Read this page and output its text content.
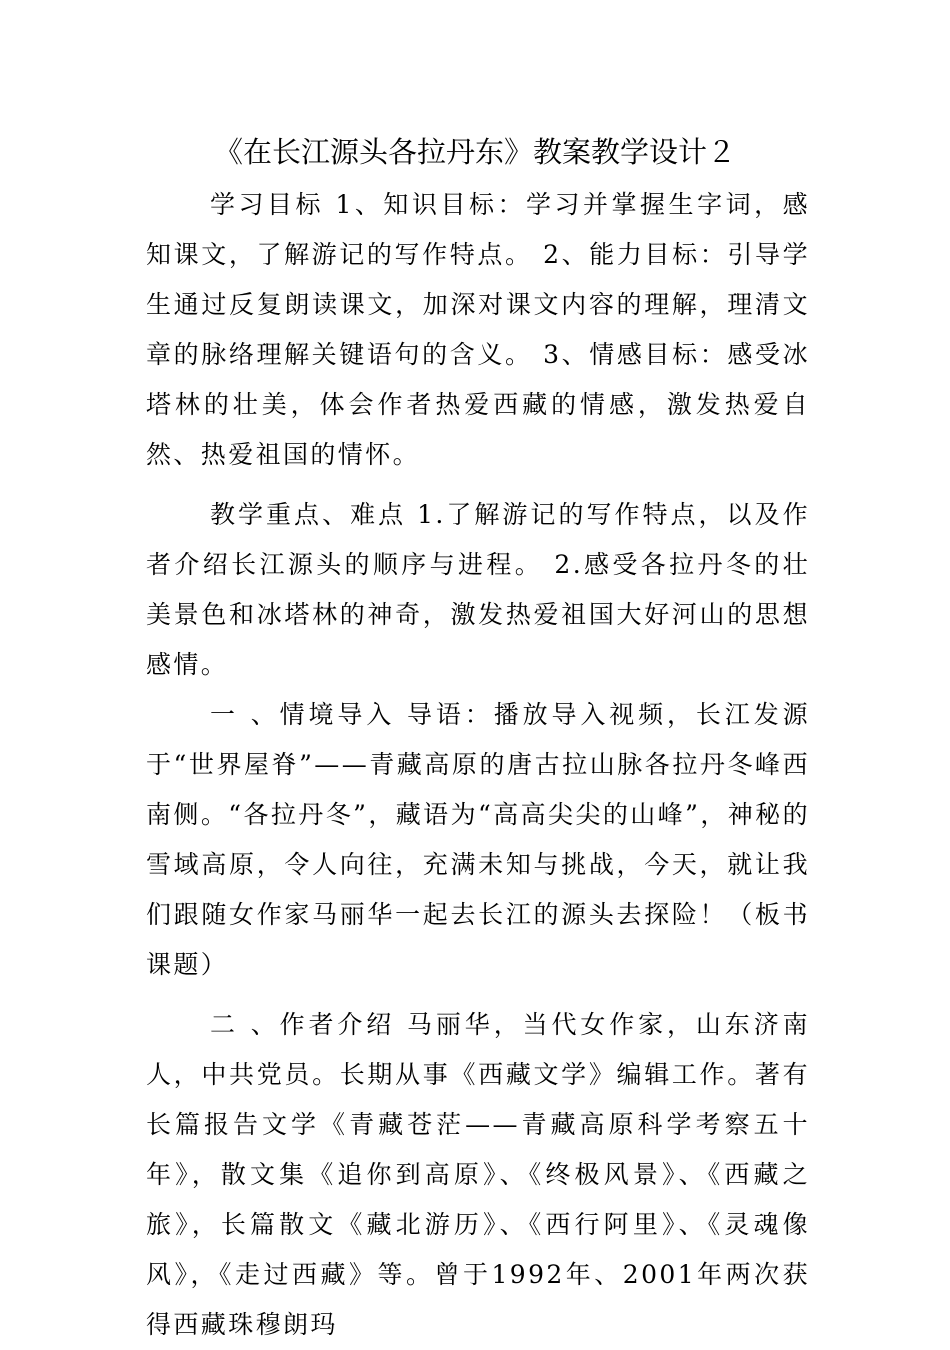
《在长江源头各拉丹东》教案教学设计２

学习目标 1、知识目标：学习并掌握生字词，感知课文，了解游记的写作特点。 2、能力目标：引导学生通过反复朗读课文，加深对课文内容的理解，理清文章的脉络理解关键语句的含义。 3、情感目标：感受冰塔林的壮美，体会作者热爱西藏的情感，激发热爱自然、热爱祖国的情怀。

教学重点、难点 1.了解游记的写作特点，以及作者介绍长江源头的顺序与进程。 2.感受各拉丹冬的壮美景色和冰塔林的神奇，激发热爱祖国大好河山的思想感情。

一 、情境导入 导语：播放导入视频，长江发源于“世界屋脊”——青藏高原的唐古拉山脉各拉丹冬峰西南侧。“各拉丹冬”，藏语为“高高尖尖的山峰”，神秘的雪域高原，令人向往，充满未知与挑战，今天，就让我们跟随女作家马丽华一起去长江的源头去探险！（板书课题）

二 、作者介绍 马丽华，当代女作家，山东济南人，中共党员。长期从事《西藏文学》编辑工作。著有长篇报告文学《青藏苍茫——青藏高原科学考察五十年》，散文集《追你到高原》、《终极风景》、《西藏之旅》，长篇散文《藏北游历》、《西行阿里》、《灵魂像风》，《走过西藏》等。曾于1992年、2001年两次获得西藏珠穆朗玛
